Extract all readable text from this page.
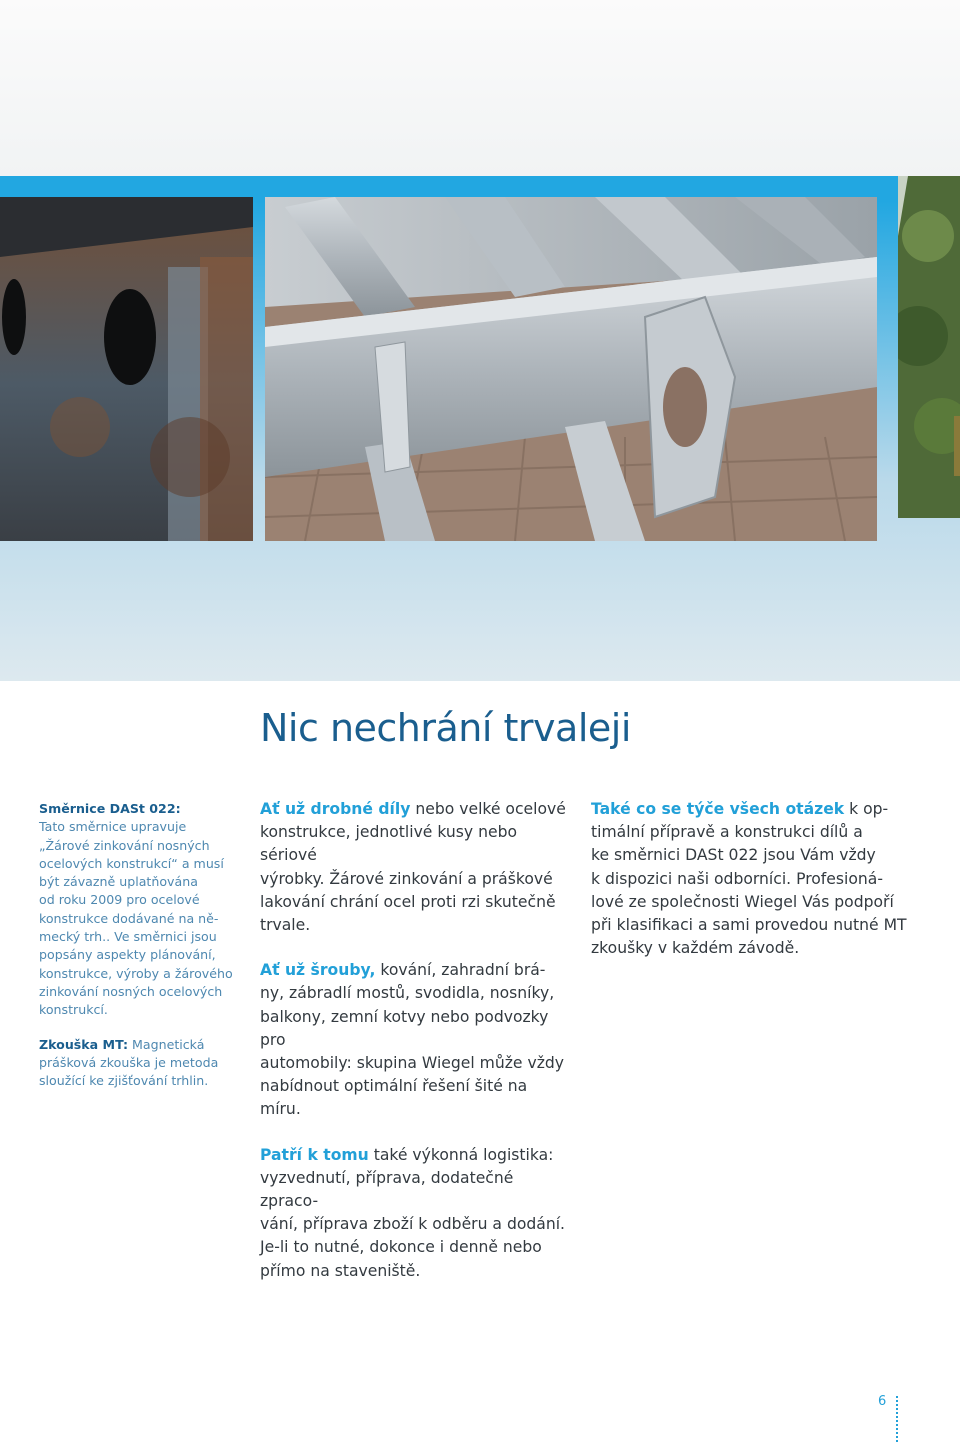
Nic nechrání trvaleji

Směrnice DASt 022:

Tato směrnice upravuje
„Žárové zinkování nosných
ocelových konstrukcí“ a musí
být závazně uplatňována
od roku 2009 pro ocelové
konstrukce dodávané na ně-
mecký trh.. Ve směrnici jsou
popsány aspekty plánování,
konstrukce, výroby a žárového
zinkování nosných ocelových
konstrukcí.

Zkouška MT: Magnetická
prášková zkouška je metoda
sloužící ke zjišťování trhlin.

Ať už drobné díly nebo velké ocelové
konstrukce, jednotlivé kusy nebo sériové
výrobky. Žárové zinkování a práškové
lakování chrání ocel proti rzi skutečně
trvale.

Ať už šrouby, kování, zahradní brá-
ny, zábradlí mostů, svodidla, nosníky,
balkony, zemní kotvy nebo podvozky pro
automobily: skupina Wiegel může vždy
nabídnout optimální řešení šité na míru.

Patří k tomu také výkonná logistika:
vyzvednutí, příprava, dodatečné zpraco-
vání, příprava zboží k odběru a dodání.
Je-li to nutné, dokonce i denně nebo
přímo na staveniště.

Také co se týče všech otázek k op-
timální přípravě a konstrukci dílů a
ke směrnici DASt 022 jsou Vám vždy
k dispozici naši odborníci. Profesioná-
lové ze společnosti Wiegel Vás podpoří
při klasifikaci a sami provedou nutné MT
zkoušky v každém závodě.

6
